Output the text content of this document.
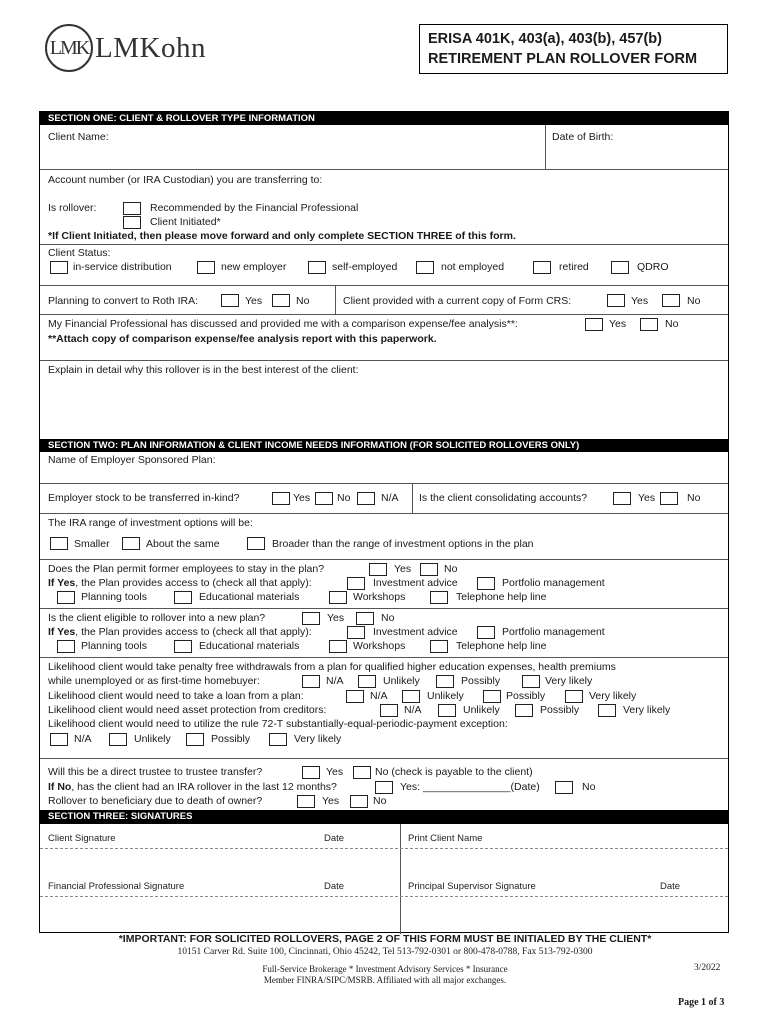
LMK LMKohn	ERISA 401K, 403(a), 403(b), 457(b)
RETIREMENT PLAN ROLLOVER FORM
SECTION ONE: CLIENT & ROLLOVER TYPE INFORMATION
Client Name:	Date of Birth:
Account number (or IRA Custodian) you are transferring to:
Is rollover:	Recommended by the Financial Professional
Client Initiated*
*If Client Initiated, then please move forward and only complete SECTION THREE of this form.
Client Status:
in-service distribution	new employer	self-employed	not employed	retired	QDRO
Planning to convert to Roth IRA:	Yes	No	Client provided with a current copy of Form CRS:	Yes	No
My Financial Professional has discussed and provided me with a comparison expense/fee analysis**:	Yes	No
**Attach copy of comparison expense/fee analysis report with this paperwork.
Explain in detail why this rollover is in the best interest of the client:
SECTION TWO: PLAN INFORMATION & CLIENT INCOME NEEDS INFORMATION (FOR SOLICITED ROLLOVERS ONLY)
Name of Employer Sponsored Plan:
Employer stock to be transferred in-kind?	Yes	No	N/A Is the client consolidating accounts?	Yes	No
The IRA range of investment options will be:
Smaller	About the same	Broader than the range of investment options in the plan
Does the Plan permit former employees to stay in the plan?	Yes	No
If Yes, the Plan provides access to (check all that apply):	Investment advice	Portfolio management
Planning tools	Educational materials	Workshops	Telephone help line
Is the client eligible to rollover into a new plan?	Yes	No
If Yes, the Plan provides access to (check all that apply):	Investment advice	Portfolio management
Planning tools	Educational materials	Workshops	Telephone help line
Likelihood client would take penalty free withdrawals from a plan for qualified higher education expenses, health premiums
while unemployed or as first-time homebuyer:	N/A	Unlikely	Possibly	Very likely
Likelihood client would need to take a loan from a plan:	N/A	Unlikely	Possibly	Very likely
Likelihood client would need asset protection from creditors:	N/A	Unlikely	Possibly	Very likely
Likelihood client would need to utilize the rule 72-T substantially-equal-periodic-payment exception:
N/A	Unlikely	Possibly	Very likely
Will this be a direct trustee to trustee transfer?	Yes	No (check is payable to the client)
If No, has the client had an IRA rollover in the last 12 months?	Yes: _______________(Date)	No
Rollover to beneficiary due to death of owner?	Yes	No
SECTION THREE: SIGNATURES
Client Signature	Date	Print Client Name
Financial Professional Signature	Date	Principal Supervisor Signature	Date
*IMPORTANT: FOR SOLICITED ROLLOVERS, PAGE 2 OF THIS FORM MUST BE INITIALED BY THE CLIENT*
10151 Carver Rd. Suite 100, Cincinnati, Ohio 45242, Tel 513-792-0301 or 800-478-0788, Fax 513-792-0300
Full-Service Brokerage * Investment Advisory Services * Insurance
Member FINRA/SIPC/MSRB. Affiliated with all major exchanges.
3/2022
Page 1 of 3
